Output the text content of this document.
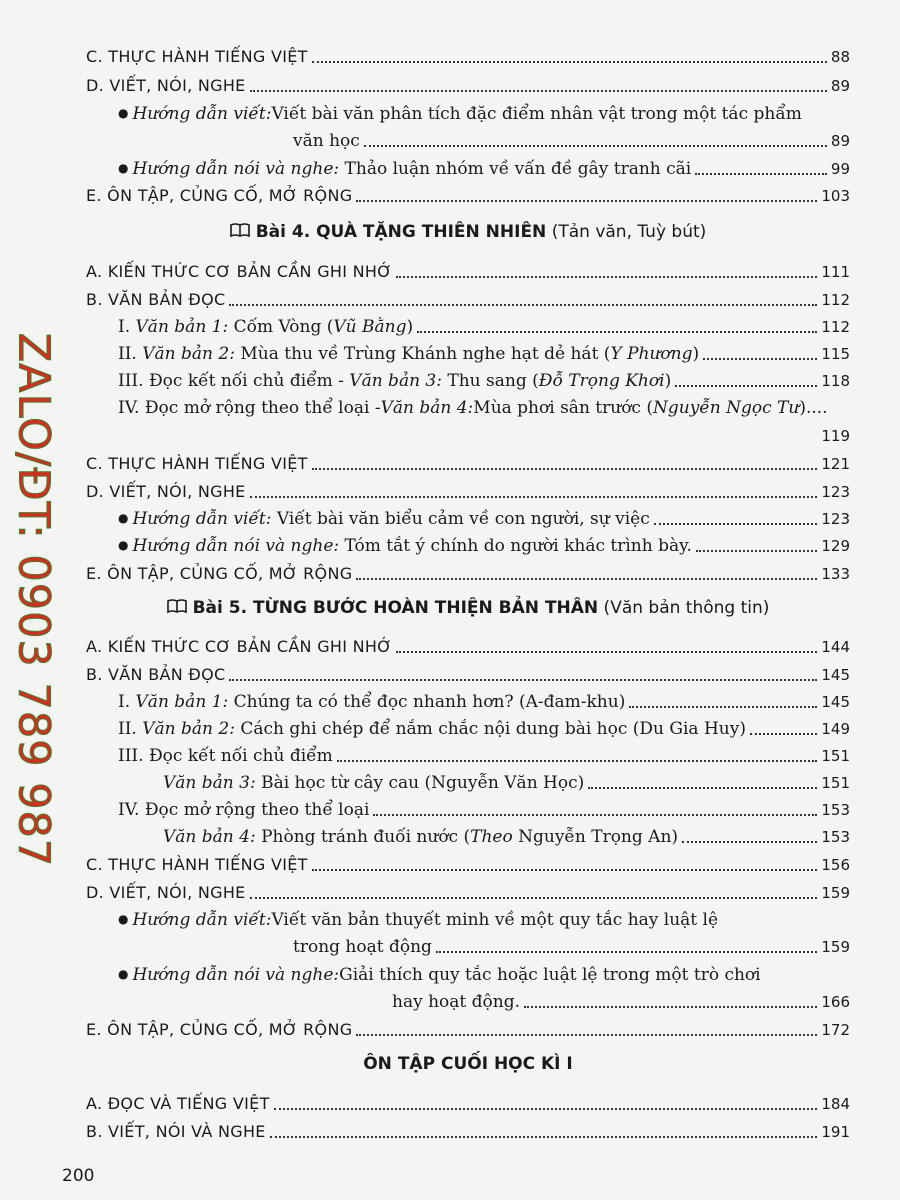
ZALO/ĐT: 0903 789 987
C. THỰC HÀNH TIẾNG VIỆT	88
D. VIẾT, NÓI, NGHE	89
● Hướng dẫn viết: Viết bài văn phân tích đặc điểm nhân vật trong một tác phẩm
văn học	89
● Hướng dẫn nói và nghe: Thảo luận nhóm về vấn đề gây tranh cãi	99
E. ÔN TẬP, CỦNG CỐ, MỞ RỘNG	103
Bài 4. QUÀ TẶNG THIÊN NHIÊN (Tản văn, Tuỳ bút)
A. KIẾN THỨC CƠ BẢN CẦN GHI NHỚ	111
B. VĂN BẢN ĐỌC	112
I. Văn bản 1: Cốm Vòng (Vũ Bằng)	112
II. Văn bản 2: Mùa thu về Trùng Khánh nghe hạt dẻ hát (Y Phương)	115
III. Đọc kết nối chủ điểm - Văn bản 3: Thu sang (Đỗ Trọng Khơi)	118
IV. Đọc mở rộng theo thể loại - Văn bản 4: Mùa phơi sân trước ( Nguyễn Ngọc Tư )....
119
C. THỰC HÀNH TIẾNG VIỆT	121
D. VIẾT, NÓI, NGHE	123
● Hướng dẫn viết: Viết bài văn biểu cảm về con người, sự việc	123
● Hướng dẫn nói và nghe: Tóm tắt ý chính do người khác trình bày.	129
E. ÔN TẬP, CỦNG CỐ, MỞ RỘNG	133
Bài 5. TỪNG BƯỚC HOÀN THIỆN BẢN THÂN (Văn bản thông tin)
A. KIẾN THỨC CƠ BẢN CẦN GHI NHỚ	144
B. VĂN BẢN ĐỌC	145
I. Văn bản 1: Chúng ta có thể đọc nhanh hơn? (A-đam-khu)	145
II. Văn bản 2: Cách ghi chép để nắm chắc nội dung bài học (Du Gia Huy)	149
III. Đọc kết nối chủ điểm	151
Văn bản 3: Bài học từ cây cau (Nguyễn Văn Học)	151
IV. Đọc mở rộng theo thể loại	153
Văn bản 4: Phòng tránh đuối nước (Theo Nguyễn Trọng An)	153
C. THỰC HÀNH TIẾNG VIỆT	156
D. VIẾT, NÓI, NGHE	159
● Hướng dẫn viết: Viết văn bản thuyết minh về một quy tắc hay luật lệ
trong hoạt động	159
● Hướng dẫn nói và nghe: Giải thích quy tắc hoặc luật lệ trong một trò chơi
hay hoạt động.	166
E. ÔN TẬP, CỦNG CỐ, MỞ RỘNG	172
ÔN TẬP CUỐI HỌC KÌ I
A. ĐỌC VÀ TIẾNG VIỆT	184
B. VIẾT, NÓI VÀ NGHE	191
200
